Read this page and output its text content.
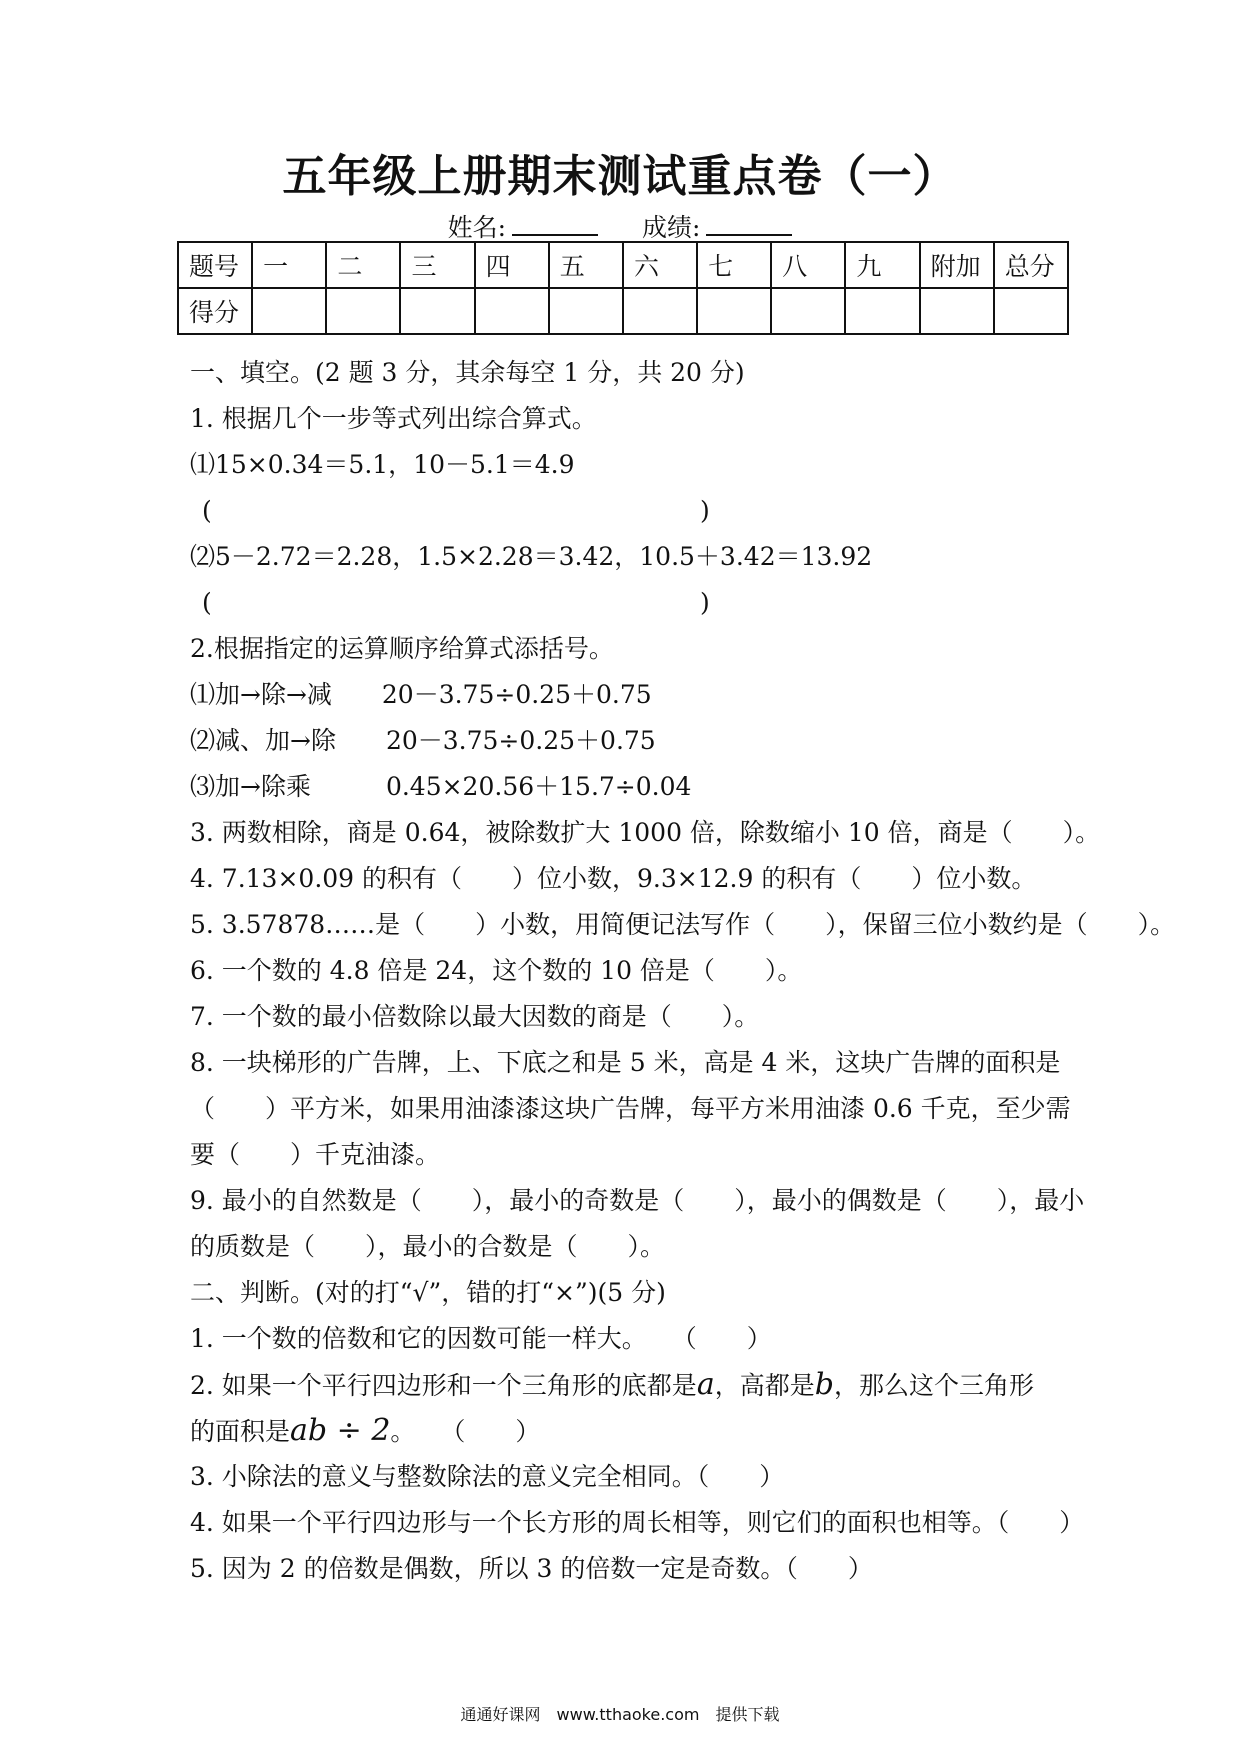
五年级上册期末测试重点卷（一）
姓名:	成绩:
题号	一	二	三	四	五	六	七	八	九	附加	总分
得分											
一、填空。(2 题 3 分，其余每空 1 分，共 20 分)
1. 根据几个一步等式列出综合算式。
⑴15×0.34＝5.1，10－5.1＝4.9
(	)
⑵5－2.72＝2.28，1.5×2.28＝3.42，10.5＋3.42＝13.92
(	)
2.根据指定的运算顺序给算式添括号。
⑴加→除→减　　20－3.75÷0.25＋0.75
⑵减、加→除　　20－3.75÷0.25＋0.75
⑶加→除乘　　　0.45×20.56＋15.7÷0.04
3. 两数相除，商是 0.64，被除数扩大 1000 倍，除数缩小 10 倍，商是（　　）。
4. 7.13×0.09 的积有（　　）位小数，9.3×12.9 的积有（　　）位小数。
5. 3.57878……是（　　）小数，用简便记法写作（　　），保留三位小数约是（　　）。
6. 一个数的 4.8 倍是 24，这个数的 10 倍是（　　）。
7. 一个数的最小倍数除以最大因数的商是（　　）。
8. 一块梯形的广告牌，上、下底之和是 5 米，高是 4 米，这块广告牌的面积是
（　　）平方米，如果用油漆漆这块广告牌，每平方米用油漆 0.6 千克，至少需
要（　　）千克油漆。
9. 最小的自然数是（　　），最小的奇数是（　　），最小的偶数是（　　），最小
的质数是（　　），最小的合数是（　　）。
二、判断。(对的打“√”，错的打“×”)(5 分)
1. 一个数的倍数和它的因数可能一样大。　　（　　）
2. 如果一个平行四边形和一个三角形的底都是a，高都是b，那么这个三角形
的面积是ab ÷ 2。　　（　　）
3. 小除法的意义与整数除法的意义完全相同。（　　）
4. 如果一个平行四边形与一个长方形的周长相等，则它们的面积也相等。（　　）
5. 因为 2 的倍数是偶数，所以 3 的倍数一定是奇数。（　　）
通通好课网　www.tthaoke.com　提供下载
